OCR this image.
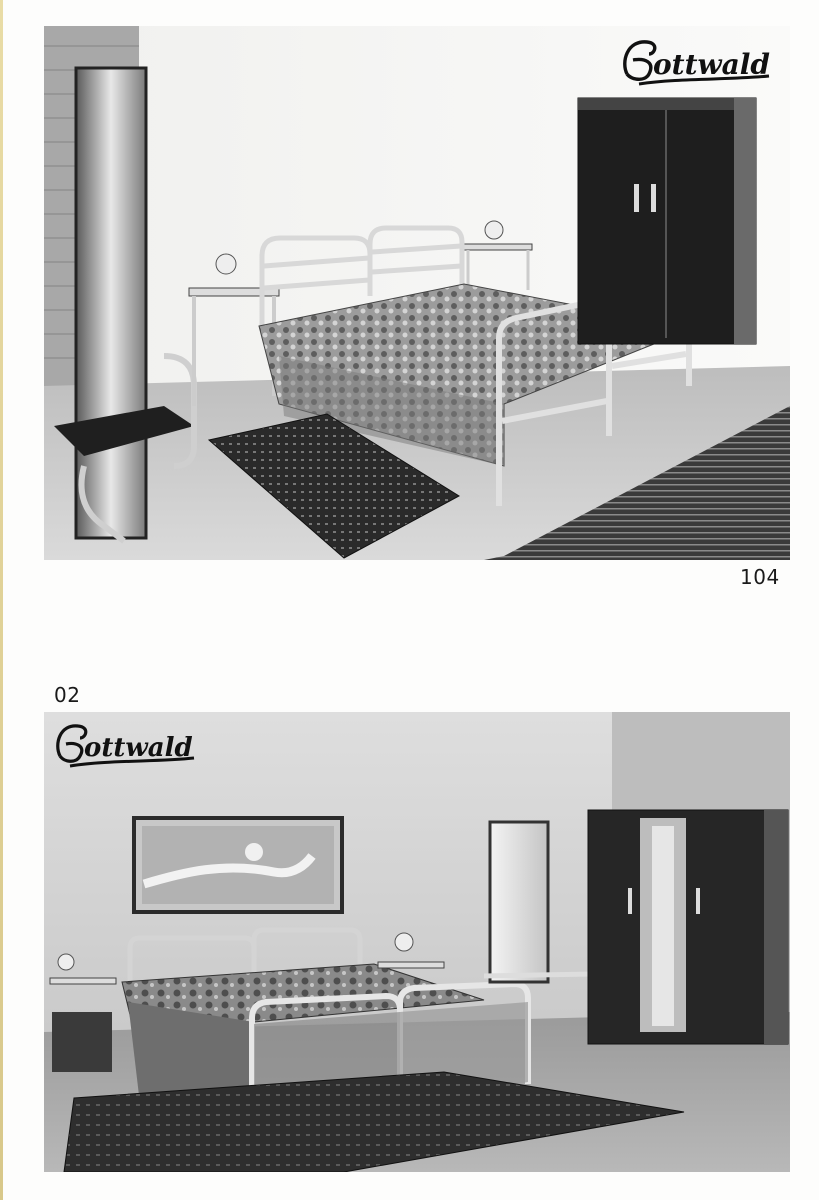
ottwald
104
02
ottwald
